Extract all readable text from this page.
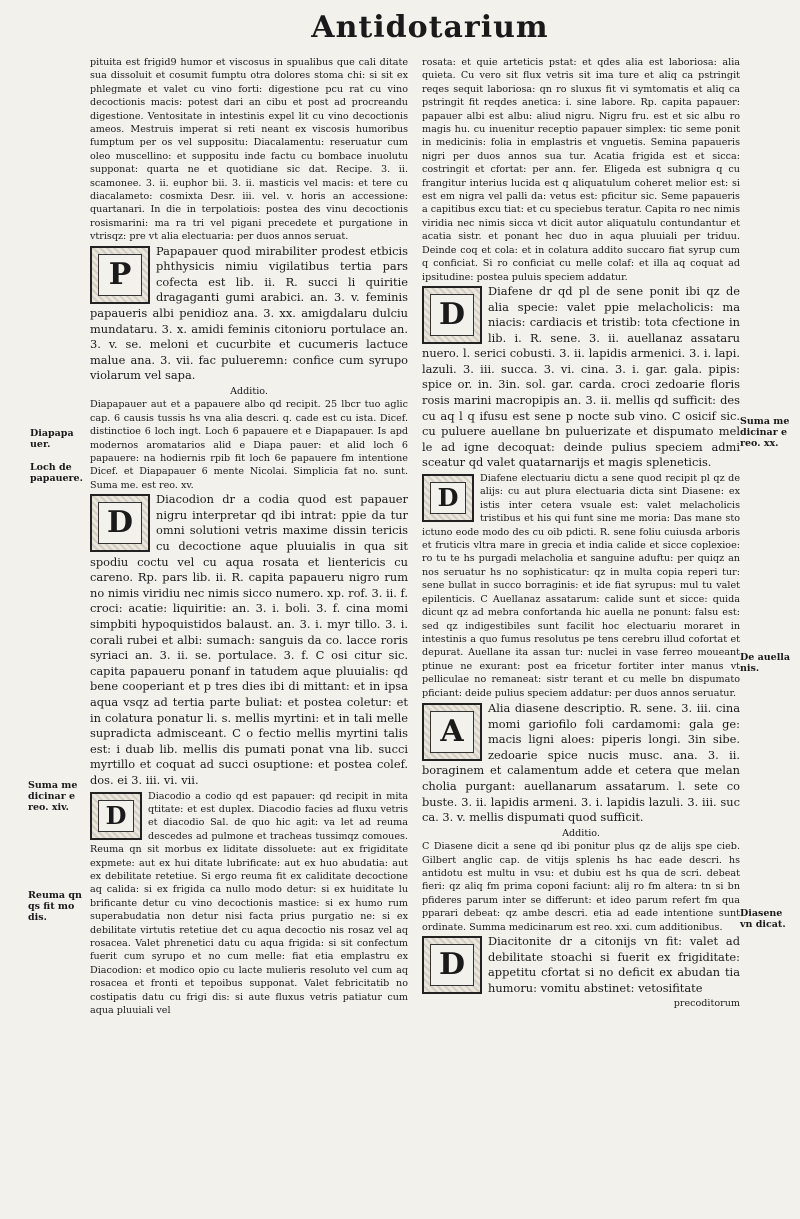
Antidotarium

pituita est frigid9 humor et viscosus in spualibus que cali ditate sua dissoluit et cosumit fumptu otra dolores stoma chi: si sit ex phlegmate et valet cu vino forti: digestione pcu rat cu vino decoctionis macis: potest dari an cibu et post ad procreandu digestione. Ventositate in intestinis expel lit cu vino decoctionis ameos. Mestruis imperat si reti neant ex viscosis humoribus fumptum per os vel suppositu: Diacalamentu: reseruatur cum oleo muscellino: et suppositu inde factu cu bombace inuolutu supponat: quarta ne et quotidiane sic dat. Recipe. 3. ii. scamonee. 3. ii. euphor bii. 3. ii. masticis vel macis: et tere cu diacalameto: cosmixta Desr. iii. vel. v. horis an accessione: quartanari. In die in terpolatiois: postea des vinu decoctionis rosismarini: ma ra tri vel pigani precedete et purgatione in vtrisqz: pre vt alia electuaria: per duos annos seruat.

P

Papapauer quod mirabiliter prodest etbicis phthysicis nimiu vigilatibus tertia pars cofecta est lib. ii. R. succi li quiritie dragaganti gumi arabici. an. 3. v. feminis papaueris albi penidioz ana. 3. xx. amigdalaru dulciu mundataru. 3. x. amidi feminis citonioru portulace an. 3. v. se. meloni et cucurbite et cucumeris lactuce malue ana. 3. vii. fac pulueremn: confice cum syrupo violarum vel sapa.

Additio.

Diapapauer aut et a papauere albo qd recipit. 25 lbcr tuo aglic cap. 6 causis tussis hs vna alia descri. q. cade est cu ista. Dicef. distinctioe 6 loch ingt. Loch 6 papauere et e Diapapauer. Is apd modernos aromatarios alid e Diapa pauer: et alid loch 6 papauere: na hodiernis rpib fit loch 6e papauere fm intentione Dicef. et Diapapauer 6 mente Nicolai. Simplicia fat no. sunt. Suma me. est reo. xv.

D

Diacodion dr a codia quod est papauer nigru interpretar qd ibi intrat: ppie da tur omni solutioni vetris maxime dissin tericis cu decoctione aque pluuialis in qua sit spodiu coctu vel cu aqua rosata et lientericis cu careno. Rp. pars lib. ii. R. capita papaueru nigro rum no nimis viridiu nec nimis sicco numero. xp. rof. 3. ii. f. croci: acatie: liquiritie: an. 3. i. boli. 3. f. cina momi simpbiti hypoquistidos balaust. an. 3. i. myr tillo. 3. i. corali rubei et albi: sumach: sanguis da co. lacce roris syriaci an. 3. ii. se. portulace. 3. f. C osi citur sic. capita papaueru ponanf in tatudem aque pluuialis: qd bene cooperiant et p tres dies ibi di mittant: et in ipsa aqua vsqz ad tertia parte buliat: et postea coletur: et in colatura ponatur li. s. mellis myrtini: et in tali melle supradicta admisceant. C o fectio mellis myrtini talis est: i duab lib. mellis dis pumati ponat vna lib. succi myrtillo et coquat ad succi osuptione: et postea colef. dos. ei 3. iii. vi. vii.

D

Diacodio a codio qd est papauer: qd recipit in mita qtitate: et est duplex. Diacodio facies ad fluxu vetris et diacodio Sal. de quo hic agit: va let ad reuma descedes ad pulmone et tracheas tussimqz comoues. Reuma qn sit morbus ex liditate dissoluete: aut ex frigiditate expmete: aut ex hui ditate lubrificate: aut ex huo abudatia: aut ex debilitate retetiue. Si ergo reuma fit ex caliditate decoctione aq calida: si ex frigida ca nullo modo detur: si ex huiditate lu brificante detur cu vino decoctionis mastice: si ex humo rum superabudatia non detur nisi facta prius purgatio ne: si ex debilitate virtutis retetiue det cu aqua decoctio nis rosaz vel aq rosacea. Valet phrenetici datu cu aqua frigida: si sit confectum fuerit cum syrupo et no cum melle: fiat etia emplastru ex Diacodion: et modico opio cu lacte mulieris resoluto vel cum aq rosacea et fronti et tepoibus supponat. Valet febricitatib no costipatis datu cu frigi dis: si aute fluxus vetris patiatur cum aqua pluuiali vel

rosata: et quie arteticis pstat: et qdes alia est laboriosa: alia quieta. Cu vero sit flux vetris sit ima ture et aliq ca pstringit reqes sequit laboriosa: qn ro sluxus fit vi symtomatis et aliq ca pstringit fit reqdes anetica: i. sine labore. Rp. capita papauer: papauer albi est albu: aliud nigru. Nigru fru. est et sic albu ro magis hu. cu inuenitur receptio papauer simplex: tic seme ponit in medicinis: folia in emplastris et vnguetis. Semina papaueris nigri per duos annos sua tur. Acatia frigida est et sicca: costringit et cfortat: per ann. fer. Eligeda est subnigra q cu frangitur interius lucida est q aliquatulum coheret melior est: si est em nigra vel palli da: vetus est: pficitur sic. Seme papaueris a capitibus excu tiat: et cu speciebus teratur. Capita ro nec nimis viridia nec nimis sicca vt dicit autor aliquatulu contundantur et acatia sistr. et ponant hec duo in aqua pluuiali per triduu. Deinde coq et cola: et in colatura addito succaro fiat syrup cum q conficiat. Si ro conficiat cu melle colaf: et illa aq coquat ad ipsitudine: postea puluis speciem addatur.

D

Diafene dr qd pl de sene ponit ibi qz de alia specie: valet ppie melacholicis: ma niacis: cardiacis et tristib: tota cfectione in lib. i. R. sene. 3. ii. auellanaz assataru nuero. l. serici cobusti. 3. ii. lapidis armenici. 3. i. lapi. lazuli. 3. iii. succa. 3. vi. cina. 3. i. gar. gala. pipis: spice or. in. 3in. sol. gar. carda. croci zedoarie floris rosis marini macropipis an. 3. ii. mellis qd sufficit: des cu aq l q ifusu est sene p nocte sub vino. C osicif sic. cu puluere auellane bn puluerizate et dispumato mel le ad igne decoquat: deinde pulius speciem admi sceatur qd valet quatarnarijs et magis spleneticis.

D

Diafene electuariu dictu a sene quod recipit pl qz de alijs: cu aut plura electuaria dicta sint Diasene: ex istis inter cetera vsuale est: valet melacholicis tristibus et his qui funt sine me moria: Das mane sto ictuno eode modo des cu oib pdicti. R. sene foliu cuiusda arboris et fruticis vltra mare in grecia et india calide et sicce coplexioe: ro tu te hs purgadi melacholia et sanguine aduftu: per quiqz an nos seruatur hs no sophisticatur: qz in multa copia reperi tur: sene bullat in succo borraginis: et ide fiat syrupus: mul tu valet epilenticis. C Auellanaz assatarum: calide sunt et sicce: quida dicunt qz ad mebra confortanda hic auella ne ponunt: falsu est: sed qz indigestibiles sunt facilit hoc electuariu moraret in intestinis a quo fumus resolutus pe tens cerebru illud cofortat et depurat. Auellane ita assan tur: nuclei in vase ferreo moueant ptinue ne exurant: post ea fricetur fortiter inter manus vt pelliculae no remaneat: sistr terant et cu melle bn dispumato pficiant: deide pulius speciem addatur: per duos annos seruatur.

A

Alia diasene descriptio. R. sene. 3. iii. cina momi gariofilo foli cardamomi: gala ge: macis ligni aloes: piperis longi. 3in sibe. zedoarie spice nucis musc. ana. 3. ii. boraginem et calamentum adde et cetera que melan cholia purgant: auellanarum assatarum. l. sete co buste. 3. ii. lapidis armeni. 3. i. lapidis lazuli. 3. iii. suc ca. 3. v. mellis dispumati quod sufficit.

Additio.

C Diasene dicit a sene qd ibi ponitur plus qz de alijs spe cieb. Gilbert anglic cap. de vitijs splenis hs hac eade descri. hs antidotu est multu in vsu: et dubiu est hs qua de scri. debeat fieri: qz aliq fm prima coponi faciunt: alij ro fm altera: tn si bn pfideres parum inter se differunt: et ideo parum refert fm qua pparari debeat: qz ambe descri. etia ad eade intentione sunt ordinate. Summa medicinarum est reo. xxi. cum additionibus.

D

Diacitonite dr a citonijs vn fit: valet ad debilitate stoachi si fuerit ex frigiditate: appetitu cfortat si no deficit ex abudan tia humoru: vomitu abstinet: vetosifitate

precoditorum

Diapapa uer.
Loch de papauere.
Suma me dicinar e reo. xiv.
Reuma qn qs fit mo dis.
Suma me dicinar e reo. xx.
De auella nis.
Diasene vn dicat.
